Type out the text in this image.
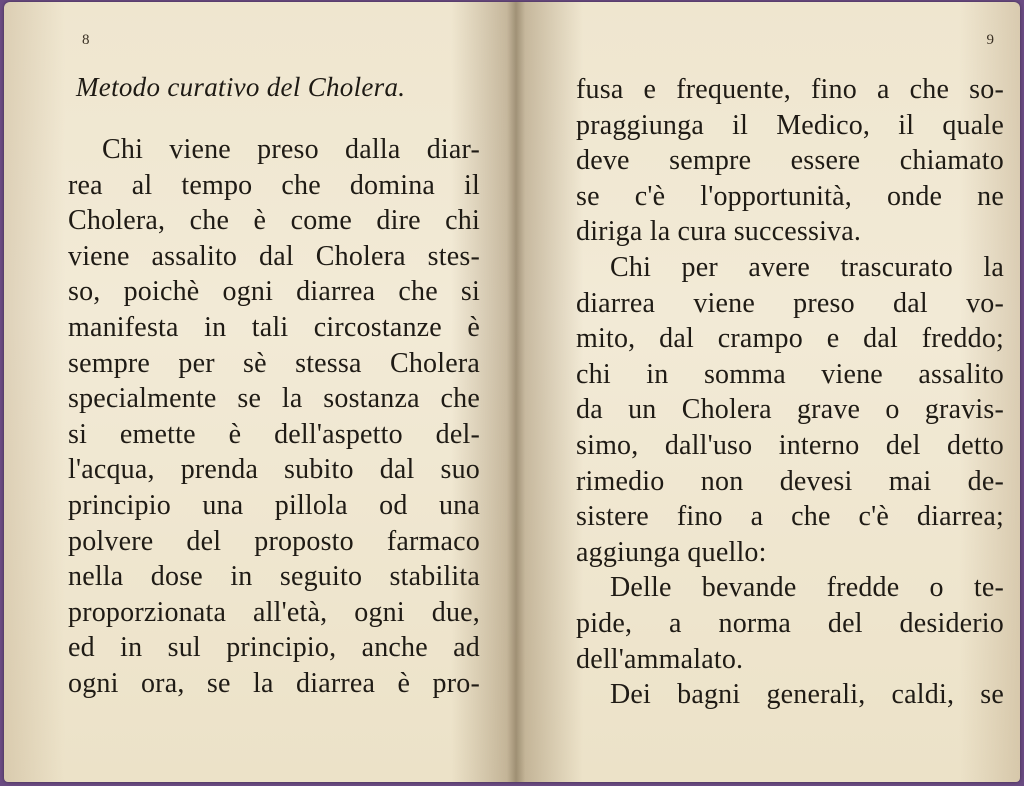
8
Metodo curativo del Cholera.
Chi viene preso dalla diar-
rea al tempo che domina il
Cholera, che è come dire chi
viene assalito dal Cholera stes-
so, poichè ogni diarrea che si
manifesta in tali circostanze è
sempre per sè stessa Cholera
specialmente se la sostanza che
si emette è dell'aspetto del-
l'acqua, prenda subito dal suo
principio una pillola od una
polvere del proposto farmaco
nella dose in seguito stabilita
proporzionata all'età, ogni due,
ed in sul principio, anche ad
ogni ora, se la diarrea è pro-
9
fusa e frequente, fino a che so-
praggiunga il Medico, il quale
deve sempre essere chiamato
se c'è l'opportunità, onde ne
diriga la cura successiva.
Chi per avere trascurato la
diarrea viene preso dal vo-
mito, dal crampo e dal freddo;
chi in somma viene assalito
da un Cholera grave o gravis-
simo, dall'uso interno del detto
rimedio non devesi mai de-
sistere fino a che c'è diarrea;
aggiunga quello:
Delle bevande fredde o te-
pide, a norma del desiderio
dell'ammalato.
Dei bagni generali, caldi, se
